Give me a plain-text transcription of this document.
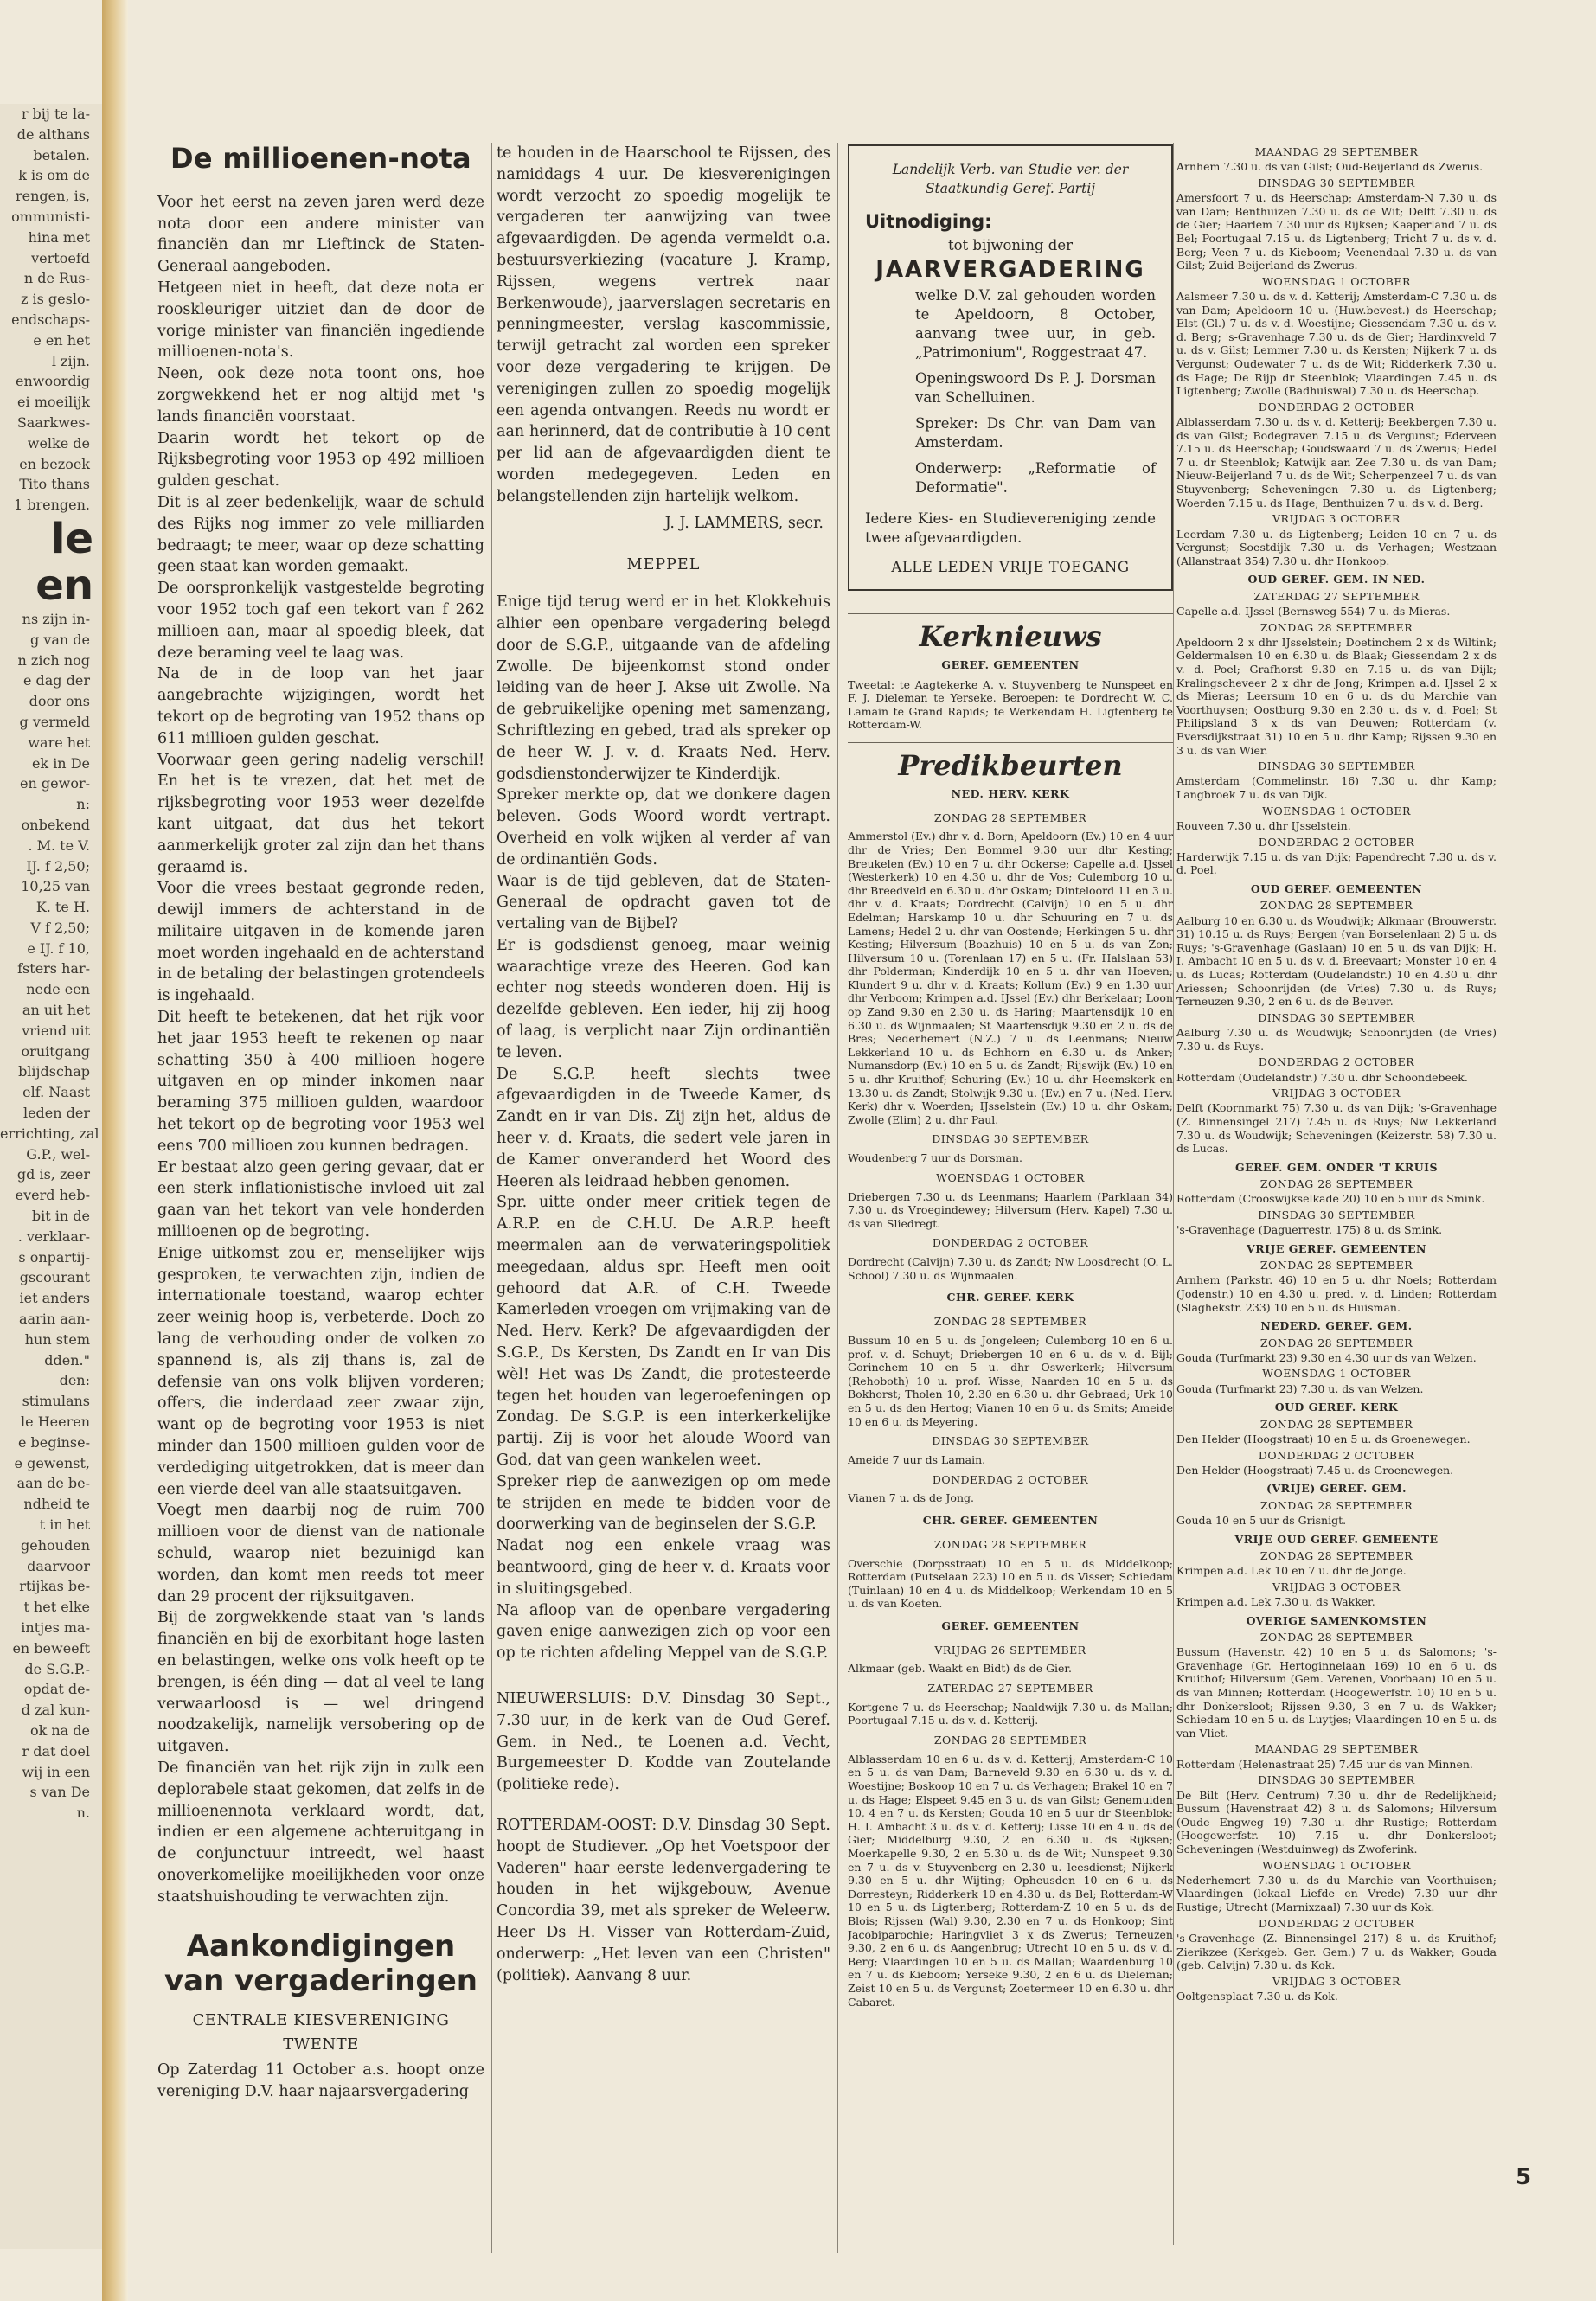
r bij te la-

de althans

betalen.

k is om de

rengen, is,

ommunisti-

hina met

vertoefd

n de Rus-

z is geslo-

endschaps-

e en het

l zijn.

enwoordig

ei moeilijk

Saarkwes-

welke de

en bezoek

Tito thans

1 brengen.

le
en

ns zijn in-

g van de

n zich nog

e dag der

door ons

g vermeld

ware het

ek in De

en gewor-

n:

onbekend

. M. te V.

IJ. f 2,50;

10,25 van

K. te H.

V f 2,50;

e IJ. f 10,

fsters har-

nede een

an uit het

vriend uit

oruitgang

blijdschap

elf. Naast

leden der

errichting, zal

G.P., wel-

gd is, zeer

everd heb-

bit in de

. verklaar-

s onpartij-

gscourant

iet anders

aarin aan-

hun stem

dden."

den:

stimulans

le Heeren

e beginse-

e gewenst,

aan de be-

ndheid te

t in het

gehouden

daarvoor

rtijkas be-

t het elke

intjes ma-

en beweeft

de S.G.P.-

opdat de-

d zal kun-

ok na de

r dat doel

wij in een

s van De

n.

De millioenen-nota

Voor het eerst na zeven jaren werd deze nota door een andere minister van financiën dan mr Lieftinck de Staten-Generaal aangeboden.

Hetgeen niet in heeft, dat deze nota er rooskleuriger uitziet dan de door de vorige minister van financiën ingediende millioenen-nota's.

Neen, ook deze nota toont ons, hoe zorgwekkend het er nog altijd met 's lands financiën voorstaat.

Daarin wordt het tekort op de Rijksbegroting voor 1953 op 492 millioen gulden geschat.

Dit is al zeer bedenkelijk, waar de schuld des Rijks nog immer zo vele milliarden bedraagt; te meer, waar op deze schatting geen staat kan worden gemaakt.

De oorspronkelijk vastgestelde begroting voor 1952 toch gaf een tekort van f 262 millioen aan, maar al spoedig bleek, dat deze beraming veel te laag was.

Na de in de loop van het jaar aangebrachte wijzigingen, wordt het tekort op de begroting van 1952 thans op 611 millioen gulden geschat.

Voorwaar geen gering nadelig verschil! En het is te vrezen, dat het met de rijksbegroting voor 1953 weer dezelfde kant uitgaat, dat dus het tekort aanmerkelijk groter zal zijn dan het thans geraamd is.

Voor die vrees bestaat gegronde reden, dewijl immers de achterstand in de militaire uitgaven in de komende jaren moet worden ingehaald en de achterstand in de betaling der belastingen grotendeels is ingehaald.

Dit heeft te betekenen, dat het rijk voor het jaar 1953 heeft te rekenen op naar schatting 350 à 400 millioen hogere uitgaven en op minder inkomen naar beraming 375 millioen gulden, waardoor het tekort op de begroting voor 1953 wel eens 700 millioen zou kunnen bedragen.

Er bestaat alzo geen gering gevaar, dat er een sterk inflationistische invloed uit zal gaan van het tekort van vele honderden millioenen op de begroting.

Enige uitkomst zou er, menselijker wijs gesproken, te verwachten zijn, indien de internationale toestand, waarop echter zeer weinig hoop is, verbeterde. Doch zo lang de verhouding onder de volken zo spannend is, als zij thans is, zal de defensie van ons volk blijven vorderen; offers, die inderdaad zeer zwaar zijn, want op de begroting voor 1953 is niet minder dan 1500 millioen gulden voor de verdediging uitgetrokken, dat is meer dan een vierde deel van alle staatsuitgaven.

Voegt men daarbij nog de ruim 700 millioen voor de dienst van de nationale schuld, waarop niet bezuinigd kan worden, dan komt men reeds tot meer dan 29 procent der rijksuitgaven.

Bij de zorgwekkende staat van 's lands financiën en bij de exorbitant hoge lasten en belastingen, welke ons volk heeft op te brengen, is één ding — dat al veel te lang verwaarloosd is — wel dringend noodzakelijk, namelijk versobering op de uitgaven.

De financiën van het rijk zijn in zulk een deplorabele staat gekomen, dat zelfs in de millioenennota verklaard wordt, dat, indien er een algemene achteruitgang in de conjunctuur intreedt, wel haast onoverkomelijke moeilijkheden voor onze staatshuishouding te verwachten zijn.

Aankondigingen van vergaderingen
CENTRALE KIESVERENIGING
TWENTE

Op Zaterdag 11 October a.s. hoopt onze vereniging D.V. haar najaarsvergadering

te houden in de Haarschool te Rijssen, des namiddags 4 uur. De kiesverenigingen wordt verzocht zo spoedig mogelijk te vergaderen ter aanwijzing van twee afgevaardigden. De agenda vermeldt o.a. bestuursverkiezing (vacature J. Kramp, Rijssen, wegens vertrek naar Berkenwoude), jaarverslagen secretaris en penningmeester, verslag kascommissie, terwijl getracht zal worden een spreker voor deze vergadering te krijgen. De verenigingen zullen zo spoedig mogelijk een agenda ontvangen. Reeds nu wordt er aan herinnerd, dat de contributie à 10 cent per lid aan de afgevaardigden dient te worden medegegeven. Leden en belangstellenden zijn hartelijk welkom.

J. J. LAMMERS, secr.
MEPPEL

Enige tijd terug werd er in het Klokkehuis alhier een openbare vergadering belegd door de S.G.P., uitgaande van de afdeling Zwolle. De bijeenkomst stond onder leiding van de heer J. Akse uit Zwolle. Na de gebruikelijke opening met samenzang, Schriftlezing en gebed, trad als spreker op de heer W. J. v. d. Kraats Ned. Herv. godsdienstonderwijzer te Kinderdijk.

Spreker merkte op, dat we donkere dagen beleven. Gods Woord wordt vertrapt. Overheid en volk wijken al verder af van de ordinantiën Gods.

Waar is de tijd gebleven, dat de Staten-Generaal de opdracht gaven tot de vertaling van de Bijbel?

Er is godsdienst genoeg, maar weinig waarachtige vreze des Heeren. God kan echter nog steeds wonderen doen. Hij is dezelfde gebleven. Een ieder, hij zij hoog of laag, is verplicht naar Zijn ordinantiën te leven.

De S.G.P. heeft slechts twee afgevaardigden in de Tweede Kamer, ds Zandt en ir van Dis. Zij zijn het, aldus de heer v. d. Kraats, die sedert vele jaren in de Kamer onveranderd het Woord des Heeren als leidraad hebben genomen.

Spr. uitte onder meer critiek tegen de A.R.P. en de C.H.U. De A.R.P. heeft meermalen aan de verwateringspolitiek meegedaan, aldus spr. Heeft men ooit gehoord dat A.R. of C.H. Tweede Kamerleden vroegen om vrijmaking van de Ned. Herv. Kerk? De afgevaardigden der S.G.P., Ds Kersten, Ds Zandt en Ir van Dis wèl! Het was Ds Zandt, die protesteerde tegen het houden van legeroefeningen op Zondag. De S.G.P. is een interkerkelijke partij. Zij is voor het aloude Woord van God, dat van geen wankelen weet.

Spreker riep de aanwezigen op om mede te strijden en mede te bidden voor de doorwerking van de beginselen der S.G.P.

Nadat nog een enkele vraag was beantwoord, ging de heer v. d. Kraats voor in sluitingsgebed.

Na afloop van de openbare vergadering gaven enige aanwezigen zich op voor een op te richten afdeling Meppel van de S.G.P.

NIEUWERSLUIS: D.V. Dinsdag 30 Sept., 7.30 uur, in de kerk van de Oud Geref. Gem. in Ned., te Loenen a.d. Vecht, Burgemeester D. Kodde van Zoutelande (politieke rede).

ROTTERDAM-OOST: D.V. Dinsdag 30 Sept. hoopt de Studiever. „Op het Voetspoor der Vaderen" haar eerste ledenvergadering te houden in het wijkgebouw, Avenue Concordia 39, met als spreker de Weleerw. Heer Ds H. Visser van Rotterdam-Zuid, onderwerp: „Het leven van een Christen" (politiek). Aanvang 8 uur.

Landelijk Verb. van Studie ver. der Staatkundig Geref. Partij
Uitnodiging:
tot bijwoning der
JAARVERGADERING
welke D.V. zal gehouden worden te Apeldoorn, 8 October, aanvang twee uur, in geb. „Patrimonium", Roggestraat 47.
Openingswoord Ds P. J. Dorsman van Schelluinen.
Spreker: Ds Chr. van Dam van Amsterdam.
Onderwerp: „Reformatie of Deformatie".
Iedere Kies- en Studievereniging zende twee afgevaardigden.
ALLE LEDEN VRIJE TOEGANG
Kerknieuws
GEREF. GEMEENTEN
Tweetal: te Aagtekerke A. v. Stuyvenberg te Nunspeet en F. J. Dieleman te Yerseke. Beroepen: te Dordrecht W. C. Lamain te Grand Rapids; te Werkendam H. Ligtenberg te Rotterdam-W.
Predikbeurten
NED. HERV. KERK
ZONDAG 28 SEPTEMBER
Ammerstol (Ev.) dhr v. d. Born; Apeldoorn (Ev.) 10 en 4 uur dhr de Vries; Den Bommel 9.30 uur dhr Kesting; Breukelen (Ev.) 10 en 7 u. dhr Ockerse; Capelle a.d. IJssel (Westerkerk) 10 en 4.30 u. dhr de Vos; Culemborg 10 u. dhr Breedveld en 6.30 u. dhr Oskam; Dinteloord 11 en 3 u. dhr v. d. Kraats; Dordrecht (Calvijn) 10 en 5 u. dhr Edelman; Harskamp 10 u. dhr Schuuring en 7 u. ds Lamens; Hedel 2 u. dhr van Oostende; Herkingen 5 u. dhr Kesting; Hilversum (Boazhuis) 10 en 5 u. ds van Zon; Hilversum 10 u. (Torenlaan 17) en 5 u. (Fr. Halslaan 53) dhr Polderman; Kinderdijk 10 en 5 u. dhr van Hoeven; Klundert 9 u. dhr v. d. Kraats; Kollum (Ev.) 9 en 1.30 uur dhr Verboom; Krimpen a.d. IJssel (Ev.) dhr Berkelaar; Loon op Zand 9.30 en 2.30 u. ds Haring; Maartensdijk 10 en 6.30 u. ds Wijnmaalen; St Maartensdijk 9.30 en 2 u. ds de Bres; Nederhemert (N.Z.) 7 u. ds Leenmans; Nieuw Lekkerland 10 u. ds Echhorn en 6.30 u. ds Anker; Numansdorp (Ev.) 10 en 5 u. ds Zandt; Rijswijk (Ev.) 10 en 5 u. dhr Kruithof; Schuring (Ev.) 10 u. dhr Heemskerk en 13.30 u. ds Zandt; Stolwijk 9.30 u. (Ev.) en 7 u. (Ned. Herv. Kerk) dhr v. Woerden; IJsselstein (Ev.) 10 u. dhr Oskam; Zwolle (Elim) 2 u. dhr Paul.
DINSDAG 30 SEPTEMBER
Woudenberg 7 uur ds Dorsman.
WOENSDAG 1 OCTOBER
Driebergen 7.30 u. ds Leenmans; Haarlem (Parklaan 34) 7.30 u. ds Vroegindewey; Hilversum (Herv. Kapel) 7.30 u. ds van Sliedregt.
DONDERDAG 2 OCTOBER
Dordrecht (Calvijn) 7.30 u. ds Zandt; Nw Loosdrecht (O. L. School) 7.30 u. ds Wijnmaalen.
CHR. GEREF. KERK
ZONDAG 28 SEPTEMBER
Bussum 10 en 5 u. ds Jongeleen; Culemborg 10 en 6 u. prof. v. d. Schuyt; Driebergen 10 en 6 u. ds v. d. Bijl; Gorinchem 10 en 5 u. dhr Oswerkerk; Hilversum (Rehoboth) 10 u. prof. Wisse; Naarden 10 en 5 u. ds Bokhorst; Tholen 10, 2.30 en 6.30 u. dhr Gebraad; Urk 10 en 5 u. ds den Hertog; Vianen 10 en 6 u. ds Smits; Ameide 10 en 6 u. ds Meyering.
DINSDAG 30 SEPTEMBER
Ameide 7 uur ds Lamain.
DONDERDAG 2 OCTOBER
Vianen 7 u. ds de Jong.
CHR. GEREF. GEMEENTEN
ZONDAG 28 SEPTEMBER
Overschie (Dorpsstraat) 10 en 5 u. ds Middelkoop; Rotterdam (Putselaan 223) 10 en 5 u. ds Visser; Schiedam (Tuinlaan) 10 en 4 u. ds Middelkoop; Werkendam 10 en 5 u. ds van Koeten.
GEREF. GEMEENTEN
VRIJDAG 26 SEPTEMBER
Alkmaar (geb. Waakt en Bidt) ds de Gier.
ZATERDAG 27 SEPTEMBER
Kortgene 7 u. ds Heerschap; Naaldwijk 7.30 u. ds Mallan; Poortugaal 7.15 u. ds v. d. Ketterij.
ZONDAG 28 SEPTEMBER
Alblasserdam 10 en 6 u. ds v. d. Ketterij; Amsterdam-C 10 en 5 u. ds van Dam; Barneveld 9.30 en 6.30 u. ds v. d. Woestijne; Boskoop 10 en 7 u. ds Verhagen; Brakel 10 en 7 u. ds Hage; Elspeet 9.45 en 3 u. ds van Gilst; Genemuiden 10, 4 en 7 u. ds Kersten; Gouda 10 en 5 uur dr Steenblok; H. I. Ambacht 3 u. ds v. d. Ketterij; Lisse 10 en 4 u. ds de Gier; Middelburg 9.30, 2 en 6.30 u. ds Rijksen; Moerkapelle 9.30, 2 en 5.30 u. ds de Wit; Nunspeet 9.30 en 7 u. ds v. Stuyvenberg en 2.30 u. leesdienst; Nijkerk 9.30 en 5 u. dhr Wijting; Opheusden 10 en 6 u. ds Dorresteyn; Ridderkerk 10 en 4.30 u. ds Bel; Rotterdam-W 10 en 5 u. ds Ligtenberg; Rotterdam-Z 10 en 5 u. ds de Blois; Rijssen (Wal) 9.30, 2.30 en 7 u. ds Honkoop; Sint Jacobiparochie; Haringvliet 3 x ds Zwerus; Terneuzen 9.30, 2 en 6 u. ds Aangenbrug; Utrecht 10 en 5 u. ds v. d. Berg; Vlaardingen 10 en 5 u. ds Mallan; Waardenburg 10 en 7 u. ds Kieboom; Yerseke 9.30, 2 en 6 u. ds Dieleman; Zeist 10 en 5 u. ds Vergunst; Zoetermeer 10 en 6.30 u. dhr Cabaret.
MAANDAG 29 SEPTEMBER
Arnhem 7.30 u. ds van Gilst; Oud-Beijerland ds Zwerus.
DINSDAG 30 SEPTEMBER
Amersfoort 7 u. ds Heerschap; Amsterdam-N 7.30 u. ds van Dam; Benthuizen 7.30 u. ds de Wit; Delft 7.30 u. ds de Gier; Haarlem 7.30 uur ds Rijksen; Kaaperland 7 u. ds Bel; Poortugaal 7.15 u. ds Ligtenberg; Tricht 7 u. ds v. d. Berg; Veen 7 u. ds Kieboom; Veenendaal 7.30 u. ds van Gilst; Zuid-Beijerland ds Zwerus.
WOENSDAG 1 OCTOBER
Aalsmeer 7.30 u. ds v. d. Ketterij; Amsterdam-C 7.30 u. ds van Dam; Apeldoorn 10 u. (Huw.bevest.) ds Heerschap; Elst (Gl.) 7 u. ds v. d. Woestijne; Giessendam 7.30 u. ds v. d. Berg; 's-Gravenhage 7.30 u. ds de Gier; Hardinxveld 7 u. ds v. Gilst; Lemmer 7.30 u. ds Kersten; Nijkerk 7 u. ds Vergunst; Oudewater 7 u. ds de Wit; Ridderkerk 7.30 u. ds Hage; De Rijp dr Steenblok; Vlaardingen 7.45 u. ds Ligtenberg; Zwolle (Badhuiswal) 7.30 u. ds Heerschap.
DONDERDAG 2 OCTOBER
Alblasserdam 7.30 u. ds v. d. Ketterij; Beekbergen 7.30 u. ds van Gilst; Bodegraven 7.15 u. ds Vergunst; Ederveen 7.15 u. ds Heerschap; Goudswaard 7 u. ds Zwerus; Hedel 7 u. dr Steenblok; Katwijk aan Zee 7.30 u. ds van Dam; Nieuw-Beijerland 7 u. ds de Wit; Scherpenzeel 7 u. ds van Stuyvenberg; Scheveningen 7.30 u. ds Ligtenberg; Woerden 7.15 u. ds Hage; Benthuizen 7 u. ds v. d. Berg.
VRIJDAG 3 OCTOBER
Leerdam 7.30 u. ds Ligtenberg; Leiden 10 en 7 u. ds Vergunst; Soestdijk 7.30 u. ds Verhagen; Westzaan (Allanstraat 354) 7.30 u. dhr Honkoop.
OUD GEREF. GEM. IN NED.
ZATERDAG 27 SEPTEMBER
Capelle a.d. IJssel (Bernsweg 554) 7 u. ds Mieras.
ZONDAG 28 SEPTEMBER
Apeldoorn 2 x dhr IJsselstein; Doetinchem 2 x ds Wiltink; Geldermalsen 10 en 6.30 u. ds Blaak; Giessendam 2 x ds v. d. Poel; Grafhorst 9.30 en 7.15 u. ds van Dijk; Kralingscheveer 2 x dhr de Jong; Krimpen a.d. IJssel 2 x ds Mieras; Leersum 10 en 6 u. ds du Marchie van Voorthuysen; Oostburg 9.30 en 2.30 u. ds v. d. Poel; St Philipsland 3 x ds van Deuwen; Rotterdam (v. Eversdijkstraat 31) 10 en 5 u. dhr Kamp; Rijssen 9.30 en 3 u. ds van Wier.
DINSDAG 30 SEPTEMBER
Amsterdam (Commelinstr. 16) 7.30 u. dhr Kamp; Langbroek 7 u. ds van Dijk.
WOENSDAG 1 OCTOBER
Rouveen 7.30 u. dhr IJsselstein.
DONDERDAG 2 OCTOBER
Harderwijk 7.15 u. ds van Dijk; Papendrecht 7.30 u. ds v. d. Poel.
OUD GEREF. GEMEENTEN
ZONDAG 28 SEPTEMBER
Aalburg 10 en 6.30 u. ds Woudwijk; Alkmaar (Brouwerstr. 31) 10.15 u. ds Ruys; Bergen (van Borselenlaan 2) 5 u. ds Ruys; 's-Gravenhage (Gaslaan) 10 en 5 u. ds van Dijk; H. I. Ambacht 10 en 5 u. ds v. d. Breevaart; Monster 10 en 4 u. ds Lucas; Rotterdam (Oudelandstr.) 10 en 4.30 u. dhr Ariessen; Schoonrijden (de Vries) 7.30 u. ds Ruys; Terneuzen 9.30, 2 en 6 u. ds de Beuver.
DINSDAG 30 SEPTEMBER
Aalburg 7.30 u. ds Woudwijk; Schoonrijden (de Vries) 7.30 u. ds Ruys.
DONDERDAG 2 OCTOBER
Rotterdam (Oudelandstr.) 7.30 u. dhr Schoondebeek.
VRIJDAG 3 OCTOBER
Delft (Koornmarkt 75) 7.30 u. ds van Dijk; 's-Gravenhage (Z. Binnensingel 217) 7.45 u. ds Ruys; Nw Lekkerland 7.30 u. ds Woudwijk; Scheveningen (Keizerstr. 58) 7.30 u. ds Lucas.
GEREF. GEM. ONDER 'T KRUIS
ZONDAG 28 SEPTEMBER
Rotterdam (Crooswijkselkade 20) 10 en 5 uur ds Smink.
DINSDAG 30 SEPTEMBER
's-Gravenhage (Daguerrestr. 175) 8 u. ds Smink.
VRIJE GEREF. GEMEENTEN
ZONDAG 28 SEPTEMBER
Arnhem (Parkstr. 46) 10 en 5 u. dhr Noels; Rotterdam (Jodenstr.) 10 en 4.30 u. pred. v. d. Linden; Rotterdam (Slaghekstr. 233) 10 en 5 u. ds Huisman.
NEDERD. GEREF. GEM.
ZONDAG 28 SEPTEMBER
Gouda (Turfmarkt 23) 9.30 en 4.30 uur ds van Welzen.
WOENSDAG 1 OCTOBER
Gouda (Turfmarkt 23) 7.30 u. ds van Welzen.
OUD GEREF. KERK
ZONDAG 28 SEPTEMBER
Den Helder (Hoogstraat) 10 en 5 u. ds Groenewegen.
DONDERDAG 2 OCTOBER
Den Helder (Hoogstraat) 7.45 u. ds Groenewegen.
(VRIJE) GEREF. GEM.
ZONDAG 28 SEPTEMBER
Gouda 10 en 5 uur ds Grisnigt.
VRIJE OUD GEREF. GEMEENTE
ZONDAG 28 SEPTEMBER
Krimpen a.d. Lek 10 en 7 u. dhr de Jonge.
VRIJDAG 3 OCTOBER
Krimpen a.d. Lek 7.30 u. ds Wakker.
OVERIGE SAMENKOMSTEN
ZONDAG 28 SEPTEMBER
Bussum (Havenstr. 42) 10 en 5 u. ds Salomons; 's-Gravenhage (Gr. Hertoginnelaan 169) 10 en 6 u. ds Kruithof; Hilversum (Gem. Verenen, Voorbaan) 10 en 5 u. ds van Minnen; Rotterdam (Hoogewerfstr. 10) 10 en 5 u. dhr Donkersloot; Rijssen 9.30, 3 en 7 u. ds Wakker; Schiedam 10 en 5 u. ds Luytjes; Vlaardingen 10 en 5 u. ds van Vliet.
MAANDAG 29 SEPTEMBER
Rotterdam (Helenastraat 25) 7.45 uur ds van Minnen.
DINSDAG 30 SEPTEMBER
De Bilt (Herv. Centrum) 7.30 u. dhr de Redelijkheid; Bussum (Havenstraat 42) 8 u. ds Salomons; Hilversum (Oude Engweg 19) 7.30 u. dhr Rustige; Rotterdam (Hoogewerfstr. 10) 7.15 u. dhr Donkersloot; Scheveningen (Westduinweg) ds Zwoferink.
WOENSDAG 1 OCTOBER
Nederhemert 7.30 u. ds du Marchie van Voorthuisen; Vlaardingen (lokaal Liefde en Vrede) 7.30 uur dhr Rustige; Utrecht (Marnixzaal) 7.30 uur ds Kok.
DONDERDAG 2 OCTOBER
's-Gravenhage (Z. Binnensingel 217) 8 u. ds Kruithof; Zierikzee (Kerkgeb. Ger. Gem.) 7 u. ds Wakker; Gouda (geb. Calvijn) 7.30 u. ds Kok.
VRIJDAG 3 OCTOBER
Ooltgensplaat 7.30 u. ds Kok.
5
